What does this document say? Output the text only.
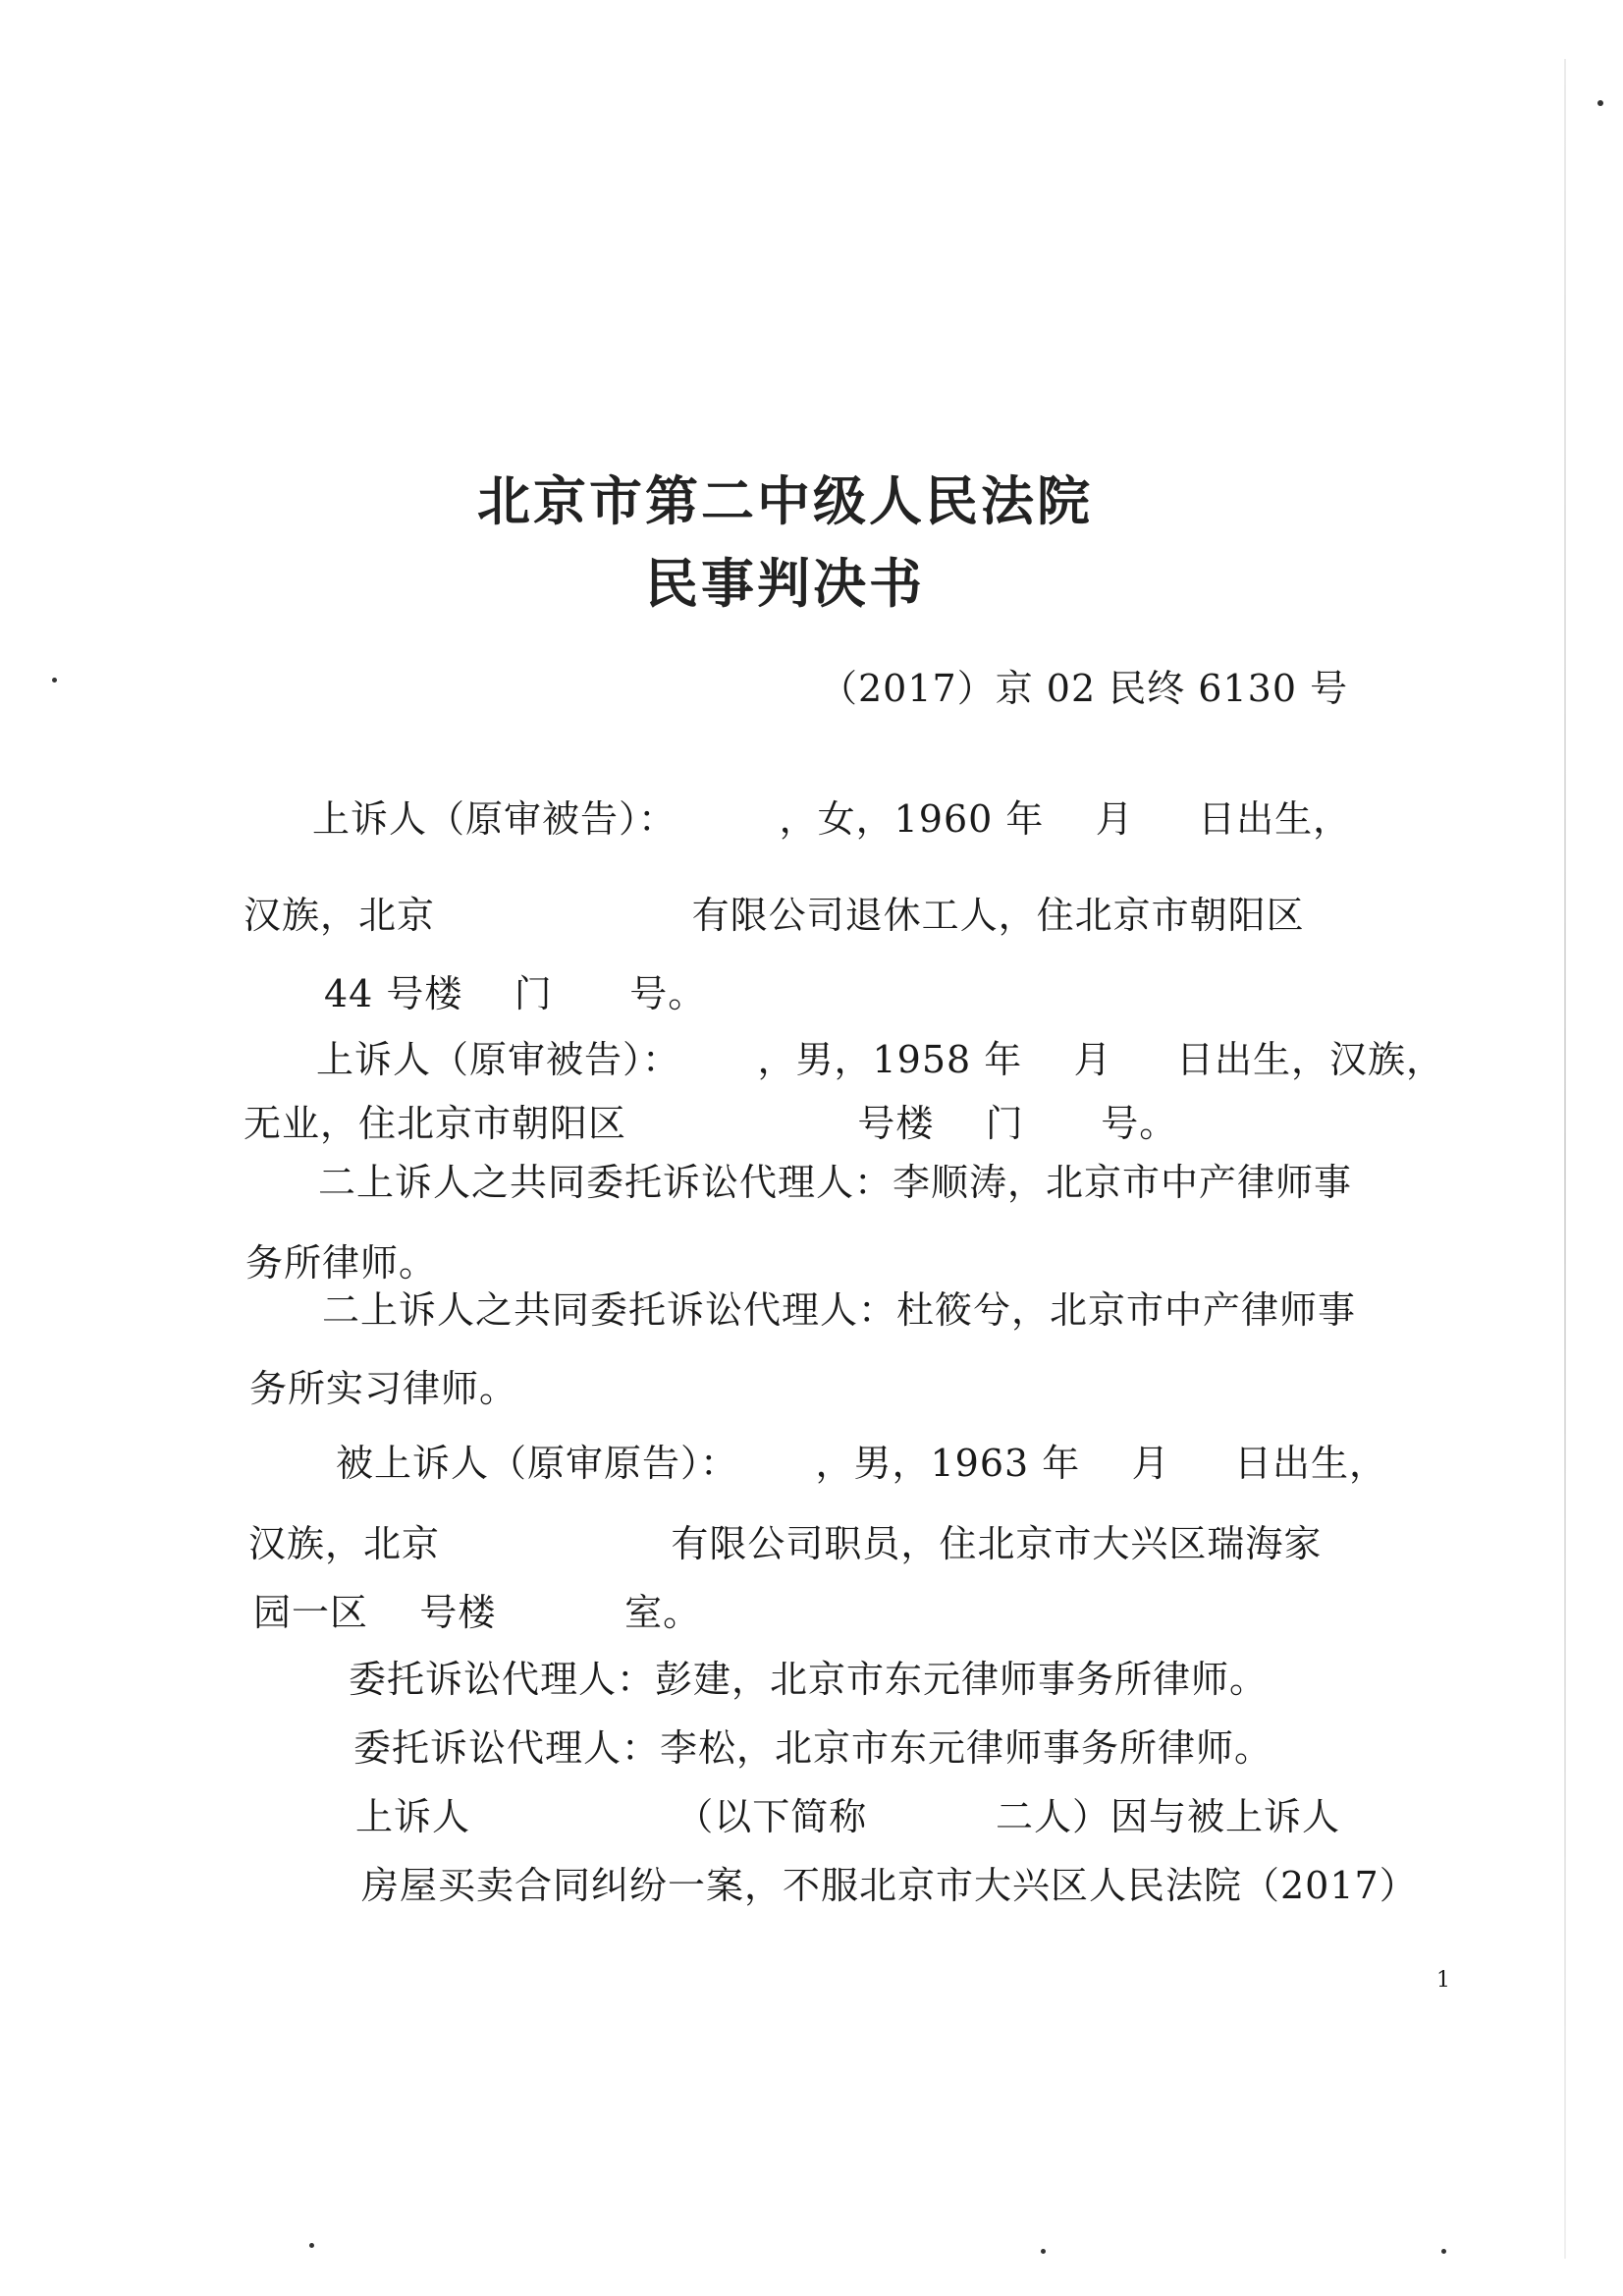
北京市第二中级人民法院
民事判决书
（2017）京 02 民终 6130 号
上诉人（原审被告）：        ，女，1960 年    月     日出生，
汉族，北京                    有限公司退休工人，住北京市朝阳区
44 号楼    门      号。
上诉人（原审被告）：      ，男，1958 年    月     日出生，汉族，
无业，住北京市朝阳区                  号楼    门      号。
二上诉人之共同委托诉讼代理人：李顺涛，北京市中产律师事
务所律师。
二上诉人之共同委托诉讼代理人：杜筱兮，北京市中产律师事
务所实习律师。
被上诉人（原审原告）：      ，男，1963 年    月     日出生，
汉族，北京                  有限公司职员，住北京市大兴区瑞海家
园一区    号楼          室。
委托诉讼代理人：彭建，北京市东元律师事务所律师。
委托诉讼代理人：李松，北京市东元律师事务所律师。
上诉人                （以下简称          二人）因与被上诉人
房屋买卖合同纠纷一案，不服北京市大兴区人民法院（2017）
1
